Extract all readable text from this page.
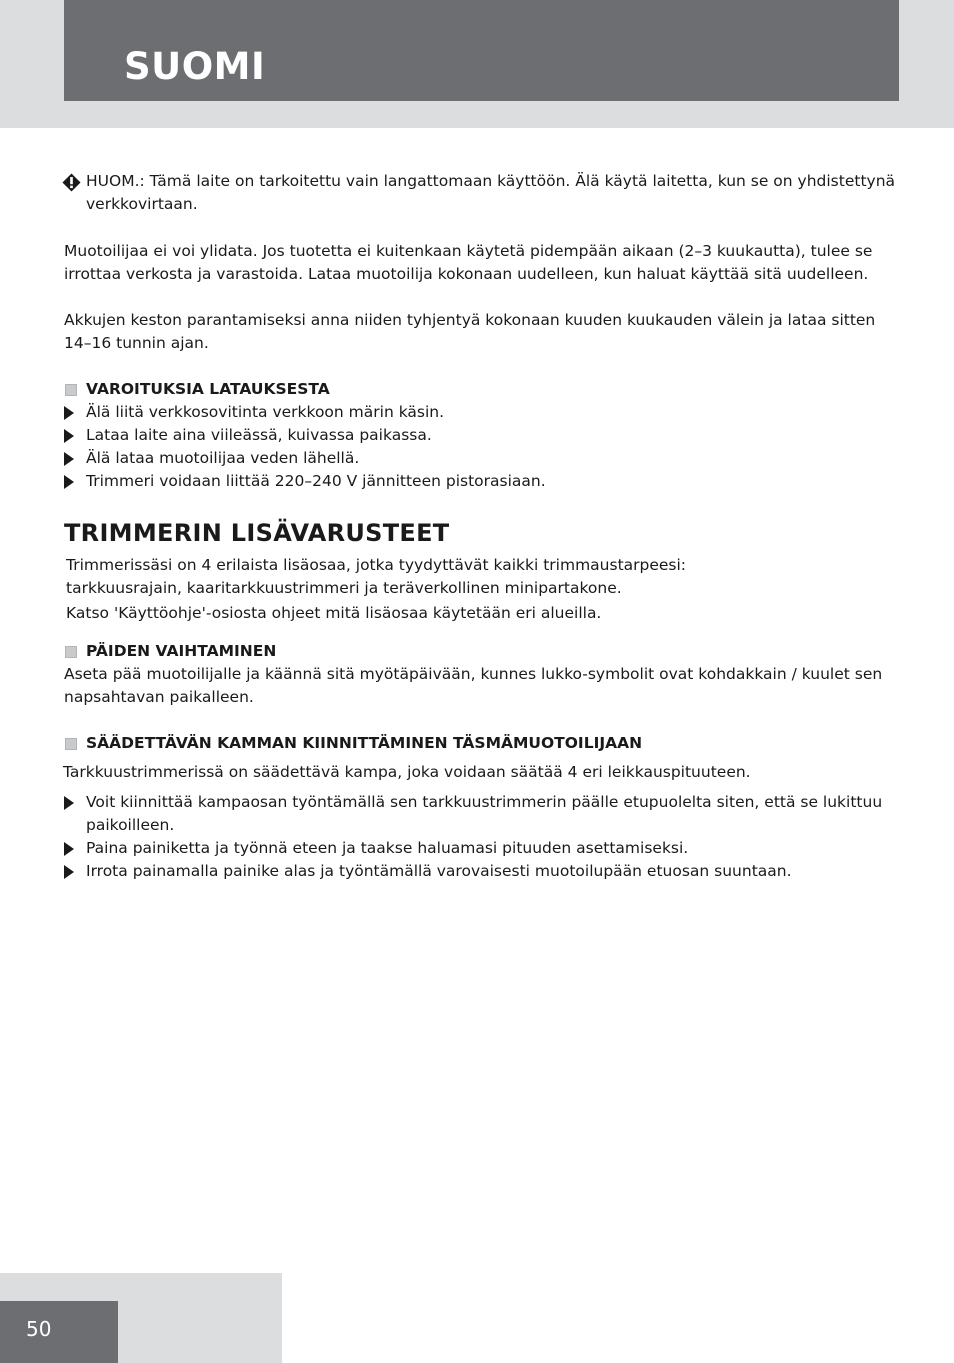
SUOMI
HUOM.: Tämä laite on tarkoitettu vain langattomaan käyttöön. Älä käytä laitetta, kun se on yhdistettynä verkkovirtaan.
Muotoilijaa ei voi ylidata. Jos tuotetta ei kuitenkaan käytetä pidempään aikaan (2–3 kuukautta), tulee se
irrottaa verkosta ja varastoida. Lataa muotoilija kokonaan uudelleen, kun haluat käyttää sitä uudelleen.
Akkujen keston parantamiseksi anna niiden tyhjentyä kokonaan kuuden kuukauden välein ja lataa sitten
14–16 tunnin ajan.
VAROITUKSIA LATAUKSESTA
Älä liitä verkkosovitinta verkkoon märin käsin.
Lataa laite aina viileässä, kuivassa paikassa.
Älä lataa muotoilijaa veden lähellä.
Trimmeri voidaan liittää 220–240 V jännitteen pistorasiaan.
TRIMMERIN LISÄVARUSTEET
Trimmerissäsi on 4 erilaista lisäosaa, jotka tyydyttävät kaikki trimmaustarpeesi:
tarkkuusrajain, kaaritarkkuustrimmeri ja teräverkollinen minipartakone.
Katso 'Käyttöohje'-osiosta ohjeet mitä lisäosaa käytetään eri alueilla.
PÄIDEN VAIHTAMINEN
Aseta pää muotoilijalle ja käännä sitä myötäpäivään, kunnes lukko-symbolit ovat kohdakkain / kuulet sen
napsahtavan paikalleen.
SÄÄDETTÄVÄN KAMMAN KIINNITTÄMINEN TÄSMÄMUOTOILIJAAN
Tarkkuustrimmerissä on säädettävä kampa, joka voidaan säätää 4 eri leikkauspituuteen.
Voit kiinnittää kampaosan työntämällä sen tarkkuustrimmerin päälle etupuolelta siten, että se lukittuu paikoilleen.
Paina painiketta ja työnnä eteen ja taakse haluamasi pituuden asettamiseksi.
Irrota painamalla painike alas ja työntämällä varovaisesti muotoilupään etuosan suuntaan.
50
